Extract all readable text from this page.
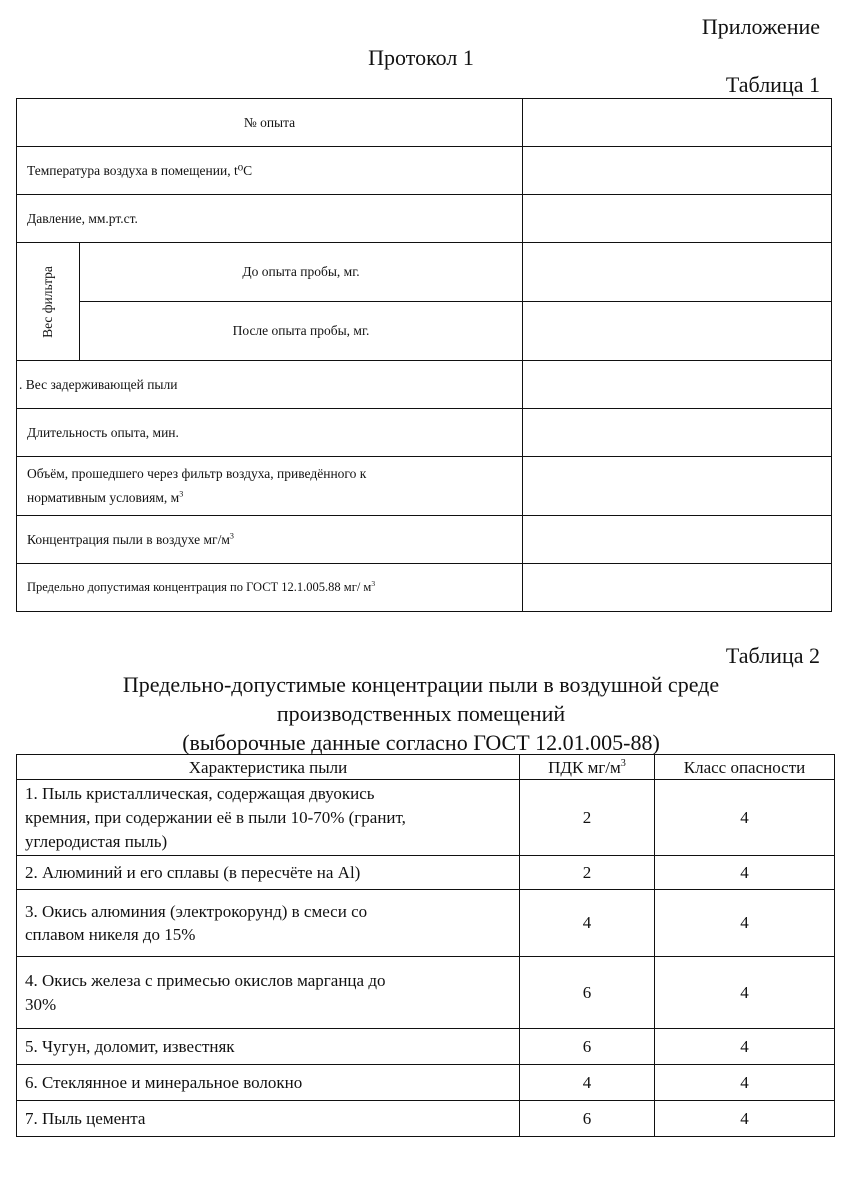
Приложение
Протокол 1
Таблица 1
№ опыта		
Температура воздуха в помещении, t⁰C		
Давление, мм.рт.ст.		

Вес фильтра	До опыта пробы, мг.	
	После опыта пробы, мг.	
. Вес задерживающей пыли		
Длительность опыта, мин.		
Объём, прошедшего через фильтр воздуха, приведённого к
нормативным условиям, $м^3$	
Концентрация пыли в воздухе $мг/м^3$	
Предельно допустимая концентрация по ГОСТ 12.1.005.88 мг/ $м^3$	
Таблица 2
Предельно-допустимые концентрации пыли в воздушной среде
производственных помещений
(выборочные данные согласно ГОСТ 12.01.005-88)
Характеристика пыли	ПДК $мг/м^3$	Класс опасности

1. Пыль кристаллическая, содержащая двуокись
кремния, при содержании её в пыли 10-70% (гранит,
углеродистая пыль)	2	4

2. Алюминий и его сплавы (в пересчёте на Al)	2	4

3. Окись алюминия (электрокорунд) в смеси со
сплавом никеля до 15%	4	4

4. Окись железа с примесью окислов марганца до
30%	6	4

5. Чугун, доломит, известняк	6	4

6. Стеклянное и минеральное волокно	4	4

7. Пыль цемента	6	4
